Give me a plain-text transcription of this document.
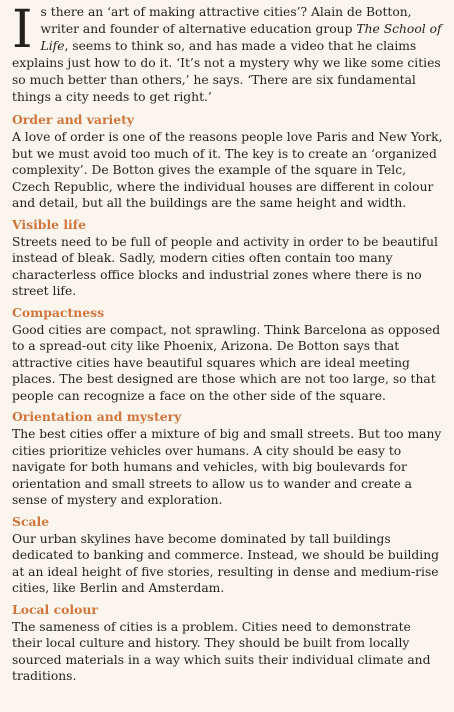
Is there an ‘art of making attractive cities’? Alain de Botton, writer and founder of alternative education group The School of Life, seems to think so, and has made a video that he claims explains just how to do it. ‘It’s not a mystery why we like some cities so much better than others,’ he says. ‘There are six fundamental things a city needs to get right.’

Order and variety

A love of order is one of the reasons people love Paris and New York, but we must avoid too much of it. The key is to create an ‘organized complexity’. De Botton gives the example of the square in Telc, Czech Republic, where the individual houses are different in colour and detail, but all the buildings are the same height and width.

Visible life

Streets need to be full of people and activity in order to be beautiful instead of bleak. Sadly, modern cities often contain too many characterless office blocks and industrial zones where there is no street life.

Compactness

Good cities are compact, not sprawling. Think Barcelona as opposed to a spread-out city like Phoenix, Arizona. De Botton says that attractive cities have beautiful squares which are ideal meeting places. The best designed are those which are not too large, so that people can recognize a face on the other side of the square.

Orientation and mystery

The best cities offer a mixture of big and small streets. But too many cities prioritize vehicles over humans. A city should be easy to navigate for both humans and vehicles, with big boulevards for orientation and small streets to allow us to wander and create a sense of mystery and exploration.

Scale

Our urban skylines have become dominated by tall buildings dedicated to banking and commerce. Instead, we should be building at an ideal height of five stories, resulting in dense and medium-rise cities, like Berlin and Amsterdam.

Local colour

The sameness of cities is a problem. Cities need to demonstrate their local culture and history. They should be built from locally sourced materials in a way which suits their individual climate and traditions.
